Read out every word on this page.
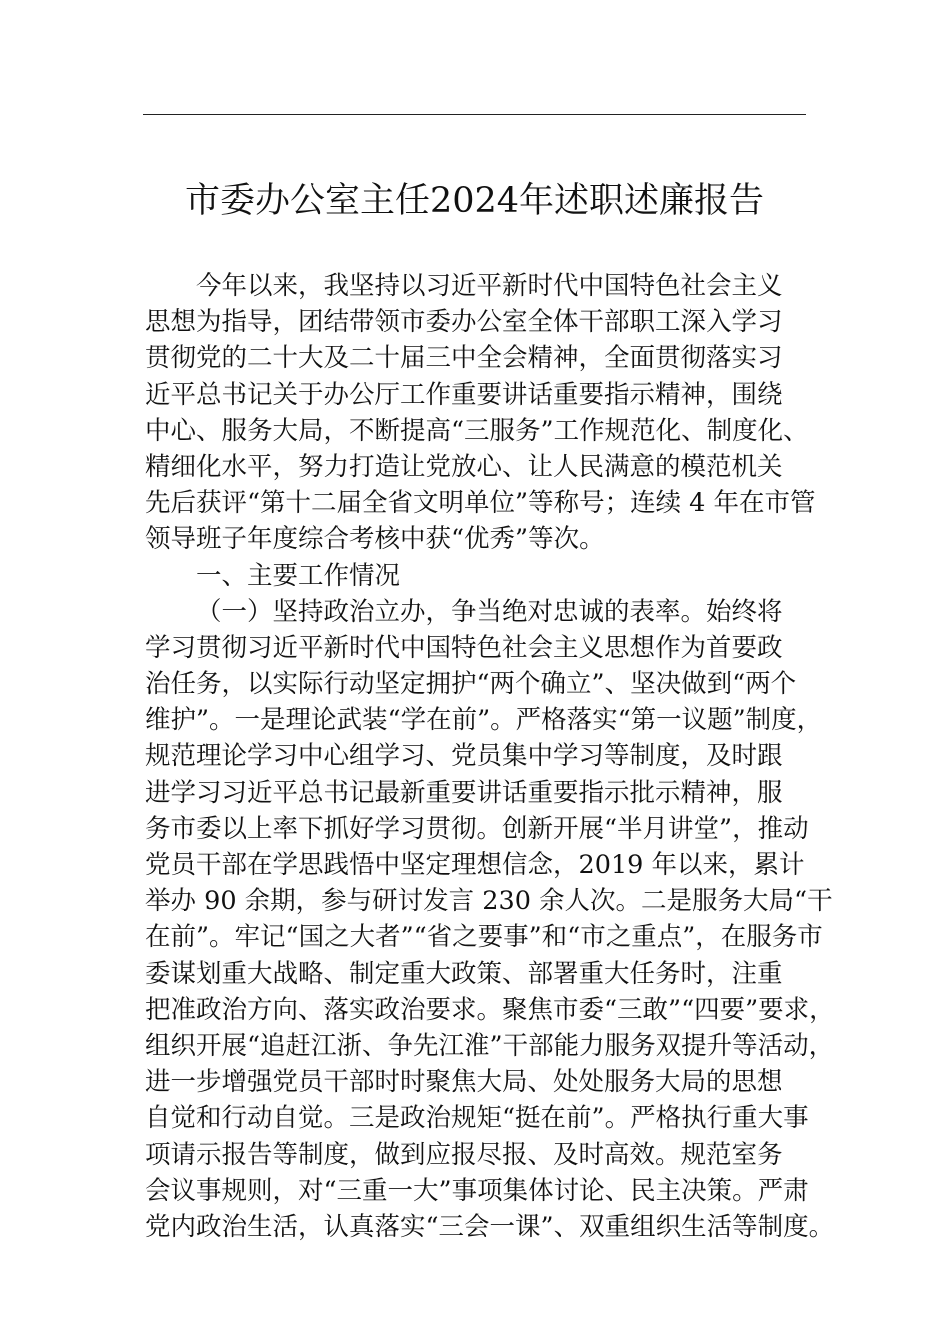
市委办公室主任2024年述职述廉报告
今年以来，我坚持以习近平新时代中国特色社会主义
思想为指导，团结带领市委办公室全体干部职工深入学习
贯彻党的二十大及二十届三中全会精神，全面贯彻落实习
近平总书记关于办公厅工作重要讲话重要指示精神，围绕
中心、服务大局，不断提高“三服务”工作规范化、制度化、
精细化水平，努力打造让党放心、让人民满意的模范机关
先后获评“第十二届全省文明单位”等称号；连续 4 年在市管
领导班子年度综合考核中获“优秀”等次。
一、主要工作情况
（一）坚持政治立办，争当绝对忠诚的表率。始终将
学习贯彻习近平新时代中国特色社会主义思想作为首要政
治任务，以实际行动坚定拥护“两个确立”、坚决做到“两个
维护”。一是理论武装“学在前”。严格落实“第一议题”制度，
规范理论学习中心组学习、党员集中学习等制度，及时跟
进学习习近平总书记最新重要讲话重要指示批示精神，服
务市委以上率下抓好学习贯彻。创新开展“半月讲堂”，推动
党员干部在学思践悟中坚定理想信念，2019 年以来，累计
举办 90 余期，参与研讨发言 230 余人次。二是服务大局“干
在前”。牢记“国之大者”“省之要事”和“市之重点”，在服务市
委谋划重大战略、制定重大政策、部署重大任务时，注重
把准政治方向、落实政治要求。聚焦市委“三敢”“四要”要求，
组织开展“追赶江浙、争先江淮”干部能力服务双提升等活动，
进一步增强党员干部时时聚焦大局、处处服务大局的思想
自觉和行动自觉。三是政治规矩“挺在前”。严格执行重大事
项请示报告等制度，做到应报尽报、及时高效。规范室务
会议事规则，对“三重一大”事项集体讨论、民主决策。严肃
党内政治生活，认真落实“三会一课”、双重组织生活等制度。
